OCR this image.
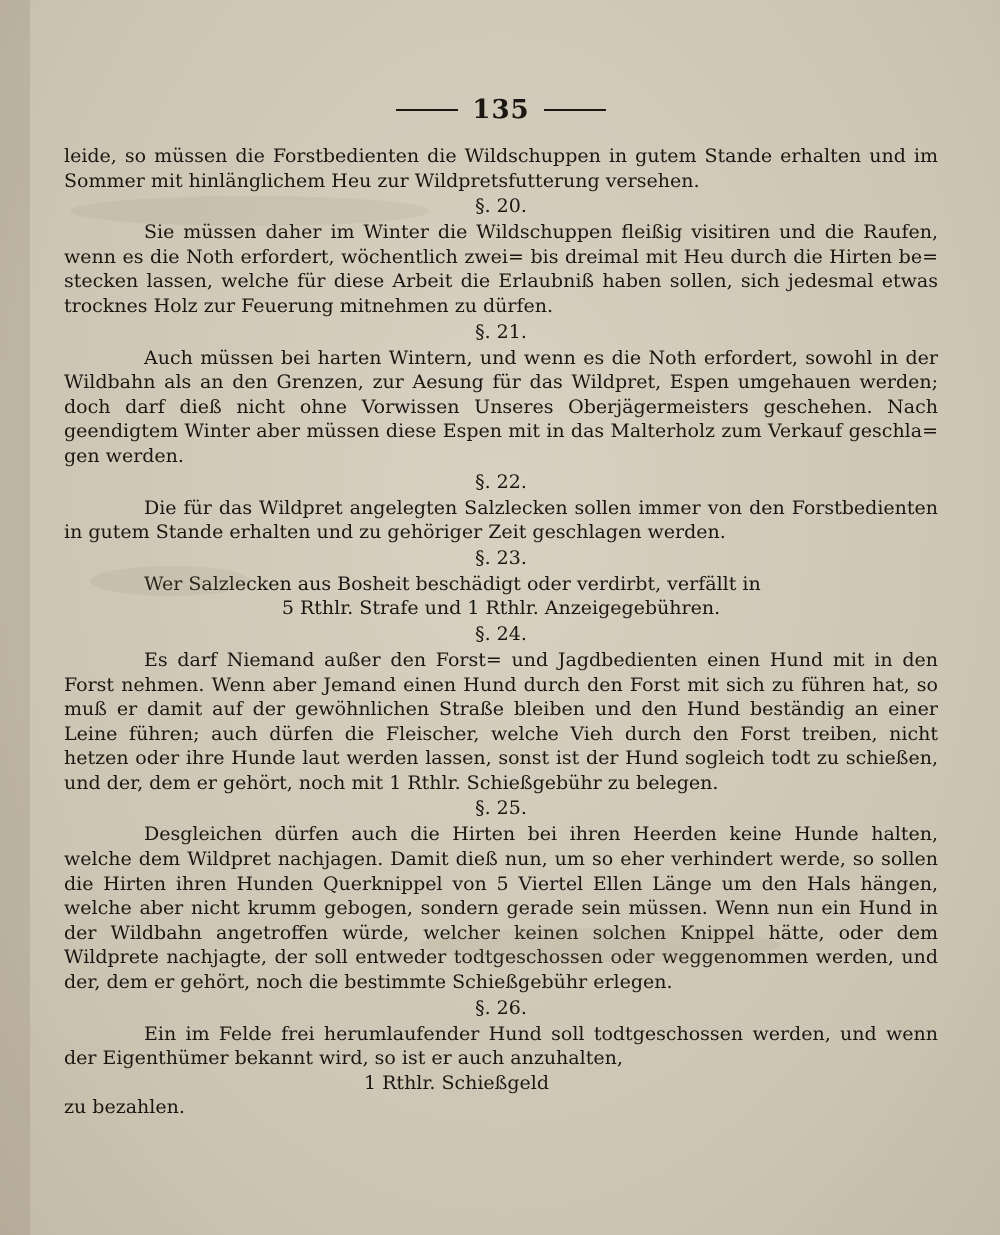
135

leide, so müssen die Forstbedienten die Wildschuppen in gutem Stande erhalten und im Sommer mit hinlänglichem Heu zur Wildpretsfutterung versehen.

§. 20.

Sie müssen daher im Winter die Wildschuppen fleißig visitiren und die Raufen, wenn es die Noth erfordert, wöchentlich zwei= bis dreimal mit Heu durch die Hirten be= stecken lassen, welche für diese Arbeit die Erlaubniß haben sollen, sich jedesmal etwas trocknes Holz zur Feuerung mitnehmen zu dürfen.

§. 21.

Auch müssen bei harten Wintern, und wenn es die Noth erfordert, sowohl in der Wildbahn als an den Grenzen, zur Aesung für das Wildpret, Espen umgehauen werden; doch darf dieß nicht ohne Vorwissen Unseres Oberjägermeisters geschehen. Nach geendigtem Winter aber müssen diese Espen mit in das Malterholz zum Verkauf geschla= gen werden.

§. 22.

Die für das Wildpret angelegten Salzlecken sollen immer von den Forstbedienten in gutem Stande erhalten und zu gehöriger Zeit geschlagen werden.

§. 23.

Wer Salzlecken aus Bosheit beschädigt oder verdirbt, verfällt in

5 Rthlr. Strafe und 1 Rthlr. Anzeigegebühren.

§. 24.

Es darf Niemand außer den Forst= und Jagdbedienten einen Hund mit in den Forst nehmen. Wenn aber Jemand einen Hund durch den Forst mit sich zu führen hat, so muß er damit auf der gewöhnlichen Straße bleiben und den Hund beständig an einer Leine führen; auch dürfen die Fleischer, welche Vieh durch den Forst treiben, nicht hetzen oder ihre Hunde laut werden lassen, sonst ist der Hund sogleich todt zu schießen, und der, dem er gehört, noch mit 1 Rthlr. Schießgebühr zu belegen.

§. 25.

Desgleichen dürfen auch die Hirten bei ihren Heerden keine Hunde halten, welche dem Wildpret nachjagen. Damit dieß nun, um so eher verhindert werde, so sollen die Hirten ihren Hunden Querknippel von 5 Viertel Ellen Länge um den Hals hängen, welche aber nicht krumm gebogen, sondern gerade sein müssen. Wenn nun ein Hund in der Wildbahn angetroffen würde, welcher keinen solchen Knippel hätte, oder dem Wildprete nachjagte, der soll entweder todtgeschossen oder weggenommen werden, und der, dem er gehört, noch die bestimmte Schießgebühr erlegen.

§. 26.

Ein im Felde frei herumlaufender Hund soll todtgeschossen werden, und wenn der Eigenthümer bekannt wird, so ist er auch anzuhalten,

1 Rthlr. Schießgeld

zu bezahlen.
